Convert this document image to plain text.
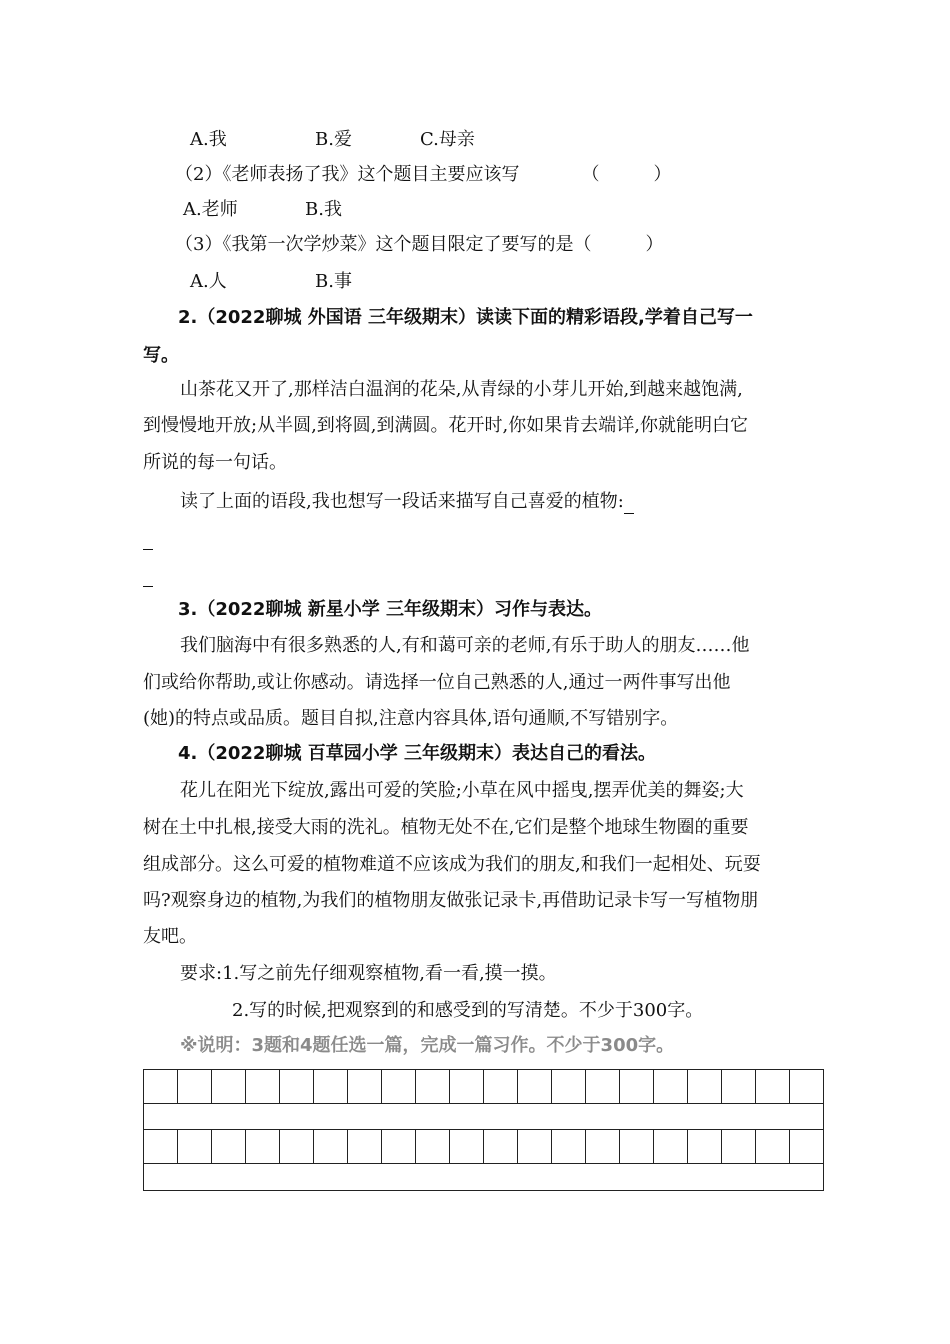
A.我	B.爱	C.母亲
（2）《老师表扬了我》这个题目主要应该写	（　　　）
A.老师	B.我
（3）《我第一次学炒菜》这个题目限定了要写的是（　　　）
A.人	B.事
2.（2022聊城 外国语 三年级期末）读读下面的精彩语段,学着自己写一
写。
山茶花又开了,那样洁白温润的花朵,从青绿的小芽儿开始,到越来越饱满,
到慢慢地开放;从半圆,到将圆,到满圆。花开时,你如果肯去端详,你就能明白它
所说的每一句话。
读了上面的语段,我也想写一段话来描写自己喜爱的植物:
3.（2022聊城 新星小学 三年级期末）习作与表达。
我们脑海中有很多熟悉的人,有和蔼可亲的老师,有乐于助人的朋友……他
们或给你帮助,或让你感动。请选择一位自己熟悉的人,通过一两件事写出他
(她)的特点或品质。题目自拟,注意内容具体,语句通顺,不写错别字。
4.（2022聊城 百草园小学 三年级期末）表达自己的看法。
花儿在阳光下绽放,露出可爱的笑脸;小草在风中摇曳,摆弄优美的舞姿;大
树在土中扎根,接受大雨的洗礼。植物无处不在,它们是整个地球生物圈的重要
组成部分。这么可爱的植物难道不应该成为我们的朋友,和我们一起相处、玩耍
吗?观察身边的植物,为我们的植物朋友做张记录卡,再借助记录卡写一写植物朋
友吧。
要求:1.写之前先仔细观察植物,看一看,摸一摸。
2.写的时候,把观察到的和感受到的写清楚。不少于300字。
※说明：3题和4题任选一篇，完成一篇习作。不少于300字。
